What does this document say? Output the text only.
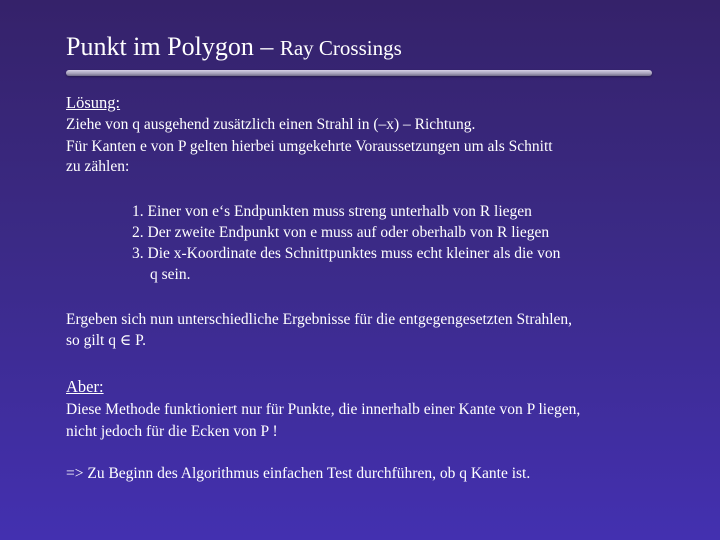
Punkt im Polygon – Ray Crossings
Lösung:
Ziehe von q ausgehend zusätzlich einen Strahl in (–x) – Richtung.
Für Kanten e von P gelten hierbei umgekehrte Voraussetzungen um als Schnitt
zu zählen:
1. Einer von e‘s Endpunkten muss streng unterhalb von R liegen
2. Der zweite Endpunkt von e muss auf oder oberhalb von R liegen
3. Die x-Koordinate des Schnittpunktes muss echt kleiner als die von
q sein.
Ergeben sich nun unterschiedliche Ergebnisse für die entgegengesetzten Strahlen,
so gilt q ∈ P.
Aber:
Diese Methode funktioniert nur für Punkte, die innerhalb einer Kante von P liegen,
nicht jedoch für die Ecken von P !
=> Zu Beginn des Algorithmus einfachen Test durchführen, ob q Kante ist.
